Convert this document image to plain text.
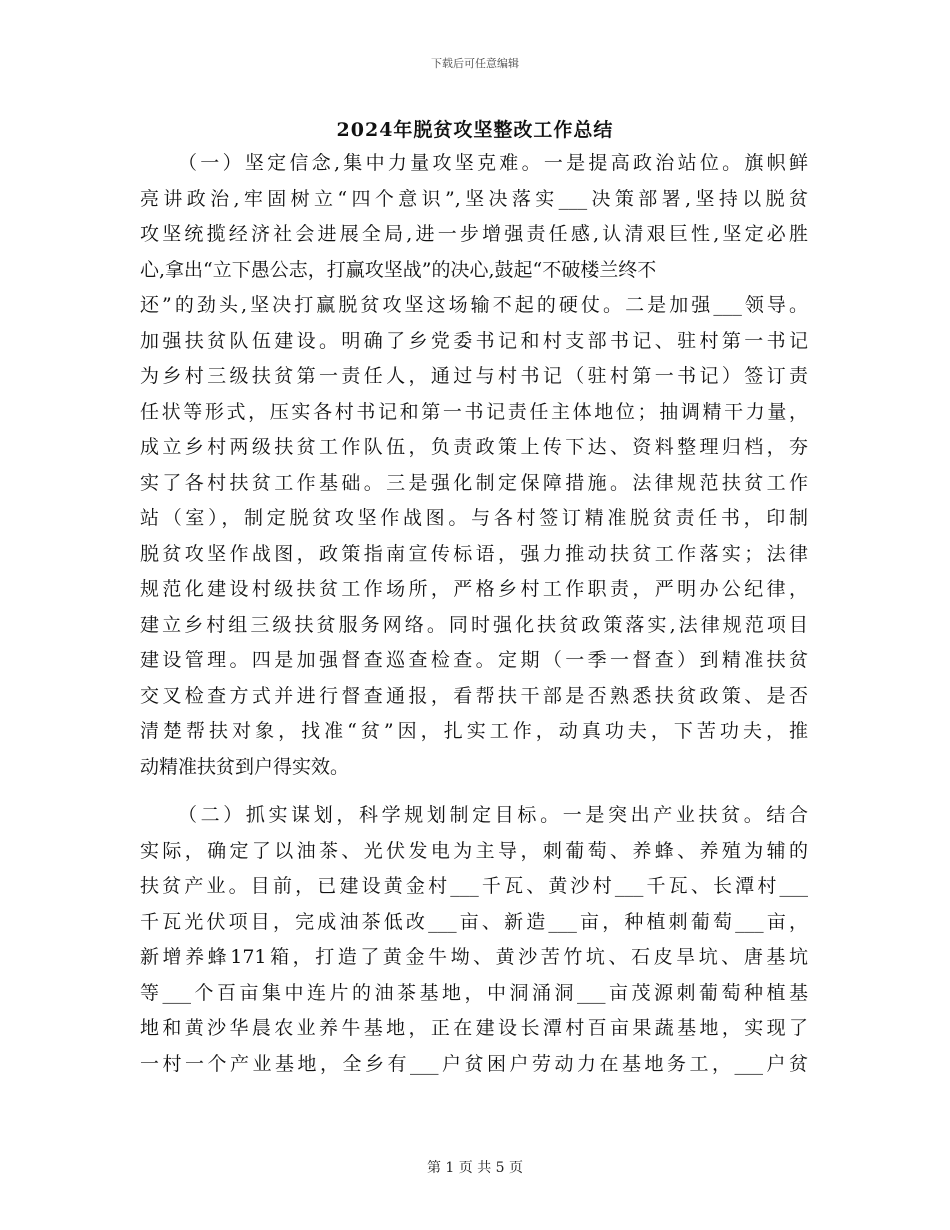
下载后可任意编辑
2024年脱贫攻坚整改工作总结
（一）坚定信念,集中力量攻坚克难。一是提高政治站位。旗帜鲜
亮讲政治,牢固树立“四个意识”,坚决落实___决策部署,坚持以脱贫
攻坚统揽经济社会进展全局,进一步增强责任感,认清艰巨性,坚定必胜
心,拿出“立下愚公志，打赢攻坚战”的决心,鼓起“不破楼兰终不
还”的劲头,坚决打赢脱贫攻坚这场输不起的硬仗。二是加强___领导。
加强扶贫队伍建设。明确了乡党委书记和村支部书记、驻村第一书记
为乡村三级扶贫第一责任人，通过与村书记（驻村第一书记）签订责
任状等形式，压实各村书记和第一书记责任主体地位；抽调精干力量，
成立乡村两级扶贫工作队伍，负责政策上传下达、资料整理归档，夯
实了各村扶贫工作基础。三是强化制定保障措施。法律规范扶贫工作
站（室），制定脱贫攻坚作战图。与各村签订精准脱贫责任书，印制
脱贫攻坚作战图，政策指南宣传标语，强力推动扶贫工作落实；法律
规范化建设村级扶贫工作场所，严格乡村工作职责，严明办公纪律，
建立乡村组三级扶贫服务网络。同时强化扶贫政策落实,法律规范项目
建设管理。四是加强督查巡查检查。定期（一季一督查）到精准扶贫
交叉检查方式并进行督查通报，看帮扶干部是否熟悉扶贫政策、是否
清楚帮扶对象，找准“贫”因，扎实工作，动真功夫，下苦功夫，推
动精准扶贫到户得实效。
（二）抓实谋划，科学规划制定目标。一是突出产业扶贫。结合
实际，确定了以油茶、光伏发电为主导，刺葡萄、养蜂、养殖为辅的
扶贫产业。目前，已建设黄金村___千瓦、黄沙村___千瓦、长潭村___
千瓦光伏项目，完成油茶低改___亩、新造___亩，种植刺葡萄___亩，
新增养蜂171箱，打造了黄金牛坳、黄沙苦竹坑、石皮旱坑、唐基坑
等___个百亩集中连片的油茶基地，中洞涌洞___亩茂源刺葡萄种植基
地和黄沙华晨农业养牛基地，正在建设长潭村百亩果蔬基地，实现了
一村一个产业基地，全乡有___户贫困户劳动力在基地务工，___户贫
第 1 页 共 5 页
